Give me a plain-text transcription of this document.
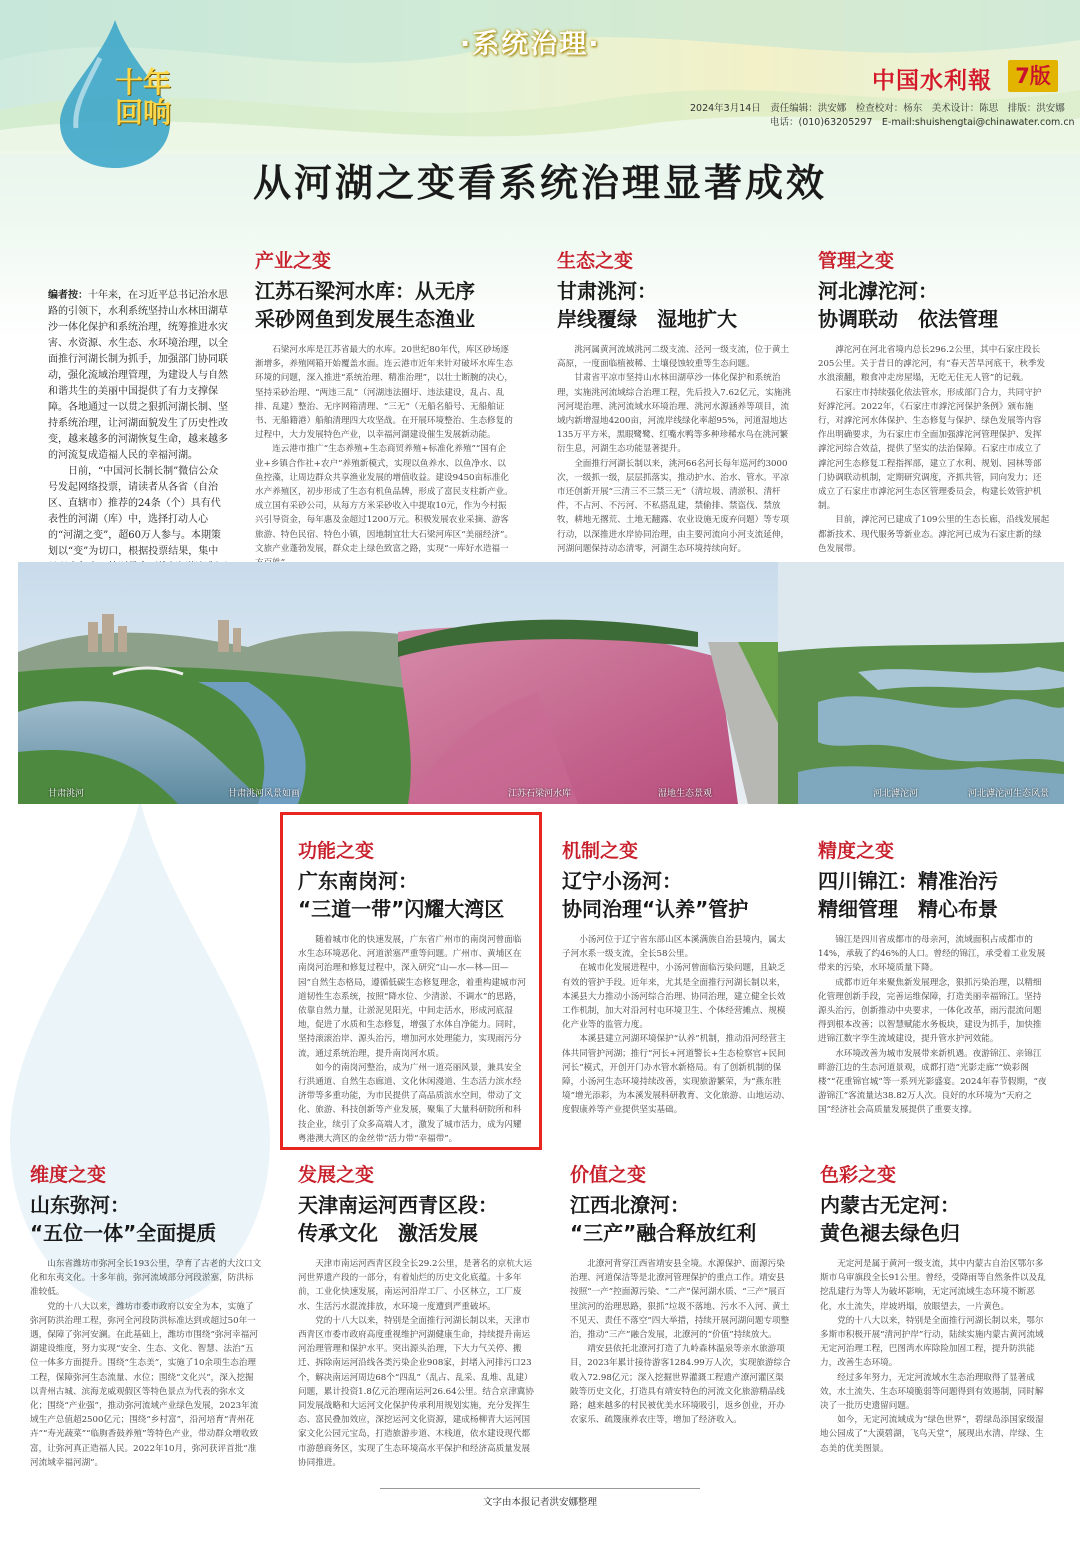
十年
回响
·系统治理·
中国水利報	7版
2024年3月14日　责任编辑：洪安娜　检查校对：杨东　美术设计：陈思　排版：洪安娜
电话：(010)63205297　E-mail:shuishengtai@chinawater.com.cn
从河湖之变看系统治理显著成效
编者按：十年来，在习近平总书记治水思路的引领下，水利系统坚持山水林田湖草沙一体化保护和系统治理，统筹推进水灾害、水资源、水生态、水环境治理，以全面推行河湖长制为抓手，加强部门协同联动，强化流域治理管理，为建设人与自然和谐共生的美丽中国提供了有力支撑保障。各地通过一以贯之狠抓河湖长制、坚持系统治理，让河湖面貌发生了历史性改变，越来越多的河湖恢复生命，越来越多的河流复成造福人民的幸福河湖。
日前，“中国河长制长制”微信公众号发起网络投票，请读者从各省（自治区、直辖市）推荐的24条（个）具有代表性的河湖（库）中，选择打动人心的“河湖之变”，超60万人参与。本期策划以“变”为切口，根据投票结果，集中
产业之变
江苏石梁河水库：从无序
采砂网鱼到发展生态渔业

石梁河水库是江苏省最大的水库。20世纪80年代，库区砂场逐渐增多，养殖网箱开始覆盖水面。连云港市近年来针对破坏水库生态环境的问题，深入推进“系统治理、精准治理”，以壮士断腕的决心，坚持采砂治理、“两违三乱”（河湖违法圈圩、违法建设，乱占、乱排、乱建）整治、无序网箱清理、“三无”（无船名船号、无船舶证书、无船籍港）船舶清理四大攻坚战。在开展环境整治、生态修复的过程中，大力发展特色产业，以幸福河湖建设催生发展新动能。

连云港市推广“生态养殖+生态商贸养殖+标准化养殖”“国有企业+乡镇合作社+农户”养殖新模式，实现以鱼养水、以鱼净水、以鱼控藻，让周边群众共享渔业发展的增值收益。建设9450亩标准化水产养殖区，初步形成了生态有机鱼品牌，形成了富民支柱新产业。成立国有采砂公司，从每方方米采砂收入中提取10元，作为今村振兴引导资金，每年惠及金超过1200万元。积极发展农业采摘、游客旅游、特色民宿、特色小镇，因地制宜壮大石梁河库区“美丽经济”。文旅产业蓬勃发展，群众走上绿色致富之路，实现“一库好水造福一

生态之变
甘肃洮河：
岸线覆绿　湿地扩大

洮河属黄河流域洮河二级支流、泾河一级支流，位于黄土高原，一度面临植被稀、土壤侵蚀较重等生态问题。

甘肃省平凉市坚持山水林田湖草沙一体化保护和系统治理，实施洮河流域综合治理工程，先后投入7.62亿元，实施洮河河堤治理、洮河流域水环境治理、洮河水源涵养等项目，流域内新增湿地4200亩，河流岸线绿化率超95%，河道湿地达135万平方米，黑眼鹭鹭、红嘴水鸭等多种珍稀水鸟在洮河繁衍生息，河湖生态功能显著提升。

全面推行河湖长制以来，洮河66名河长每年巡河约3000次，一级抓一级，层层抓落实，推动护水、治水、管水。平凉市还创新开展“三清三不三禁三无”（清垃圾、清淤积、清杆件，不占河、不污河、不私搭乱建，禁偷排、禁盗伐、禁放牧，耕地无撂荒、土地无翻露、农业设施无废弃问题）等专项行动，以深推进水岸协同治理，由主要河流向小河支流延伸，河湖问题保持动态清零，河湖生态环境持续向好。

管理之变
河北滹沱河：
协调联动　依法管理

滹沱河在河北省境内总长296.2公里，其中石家庄段长205公里。关于昔日的滹沱河，有“春天苦旱河底干，秋季发水浪滚翻，粮食冲走房屋塌，无吃无住无人管”的记载。

石家庄市持续强化依法管水，形成部门合力，共同守护好滹沱河。2022年，《石家庄市滹沱河保护条例》颁布施行，对滹沱河水体保护、生态修复与保护、绿色发展等内容作出明确要求，为石家庄市全面加强滹沱河管理保护、发挥滹沱河综合效益，提供了坚实的法治保障。石家庄市成立了滹沱河生态修复工程指挥部，建立了水利、规划、园林等部门协调联动机制，定期研究调度，齐抓共管，同向发力；还成立了石家庄市滹沱河生态区管理委员会，构建长效管护机制。

目前，滹沱河已建成了109公里的生态长廊，沿线发展起都新技术、现代服务等新业态。滹沱河已成为石家庄新的绿色发展带。

甘肃洮河	甘肃洮河风景如画	江苏石梁河水库	湿地生态景观	河北滹沱河	河北滹沱河生态风景
功能之变
广东南岗河：
“三道一带”闪耀大湾区

随着城市化的快速发展，广东省广州市的南岗河曾面临水生态环境恶化、河道淤塞严重等问题。广州市、黄埔区在南岗河治理和修复过程中，深入研究“山—水—林—田—园”自然生态格局，遵循低碳生态修复理念，着重构建城市河道韧性生态系统，按照“降水位、少清淤、不调水”的思路，依靠自然力量，让淤泥见阳光，中间走活水，形成河底湿地，促进了水质和生态修复，增强了水体自净能力。同时，坚持滚滚治岸、源头治污，增加河水处理能力，实现雨污分流，通过系统治理，提升南岗河水质。

如今的南岗河整治，成为广州一道亮丽风景，兼具安全行洪通道、自然生态廊道、文化休闲漫道、生态活力滨水经济带等多重功能，为市民提供了高品质滨水空间，带动了文化、旅游、科技创新等产业发展，聚集了大量科研院所和科技企业，续引了众多高端人才，激发了城市活力，成为闪耀粤港澳大湾区的金丝带”活力带”幸福带”。

机制之变
辽宁小汤河：
协同治理“认养”管护

小汤河位于辽宁省东部山区本溪满族自治县境内，属太子河水系一级支流，全长58公里。

在城市化发展进程中，小汤河曾面临污染问题，且缺乏有效的管护手段。近年来，尤其是全面推行河湖长制以来，本溪县大力推动小汤河综合治理、协同治理，建立健全长效工作机制，加大对沿河村屯环境卫生、个体经营摊点、规模化产业等的监管力度。

本溪县建立河湖环境保护“认养”机制，推动沿河经营主体共同管护河湖；推行“河长+河道警长+生态检察官+民间河长”模式，开创开门办水管水新格局。有了创新机制的保障，小汤河生态环境持续改善，实现旅游繁荣，为“燕东胜境”增光添彩，为本溪发展科研教育、文化旅游、山地运动、度假康养等产业提供坚实基础。

精度之变
四川锦江：精准治污
精细管理　精心布景

锦江是四川省成都市的母亲河，流域面积占成都市的14%，承载了约46%的人口。曾经的锦江，承受着工业发展带来的污染，水环境质量下降。

成都市近年来聚焦新发展理念，狠抓污染治理，以精细化管理创新手段，完善运维保障，打造美丽幸福锦江。坚持源头治污，创新推动中央要求，一体化改革，雨污混流问题得到根本改善；以智慧赋能水务板块，建设为抓手，加快推进锦江数字孪生流域建设，提升管水护河效能。

水环境改善为城市发展带来新机遇。夜游锦江、亲锦江畔游江边的生态河道景观，成都打造“光影走廊”“焕彩阁楼”“花重锦官城”等一系列光影盛宴。2024年春节假期，“夜游锦江”客流量达38.82万人次。良好的水环境为“天府之国”经济社会高质量发展提供了重要支撑。

维度之变
山东弥河：
“五位一体”全面提质

山东省潍坊市弥河全长193公里，孕育了古老的大汶口文化和东夷文化。十多年前，弥河流域部分河段淤塞，防洪标准较低。

党的十八大以来，潍坊市委市政府以安全为本，实施了弥河防洪治理工程，弥河全河段防洪标准达到或超过50年一遇，保障了弥河安澜。在此基础上，潍坊市围绕“弥河幸福河湖建设维度，努力实现“安全、生态、文化、智慧、法治”五位一体多方面提升。围绕“生态美”，实施了10余项生态治理工程，保障弥河生态流量、水位；围绕“文化兴”，深入挖掘以青州古城、滨海龙威观假区等特色景点为代表的弥水文化；围绕“产业强”，推动弥河流域产业绿色发展，2023年流域生产总值超2500亿元；围绕“乡村富”，沿河培育“青州花卉”“寿光蔬菜”“临朐香鼓养殖”等特色产业，带动群众增收致富，让弥河真正造福人民。2022年10月，弥河获评首批“准河流域幸福河湖”。

发展之变
天津南运河西青区段：
传承文化　激活发展

天津市南运河西青区段全长29.2公里，是著名的京杭大运河世界遗产段的一部分，有着灿烂的历史文化底蕴。十多年前，工业化快速发展，南运河沿岸工厂、小区林立，工厂废水、生活污水混流排放，水环境一度遭到严重破坏。

党的十八大以来，特别是全面推行河湖长制以来，天津市西青区市委市政府高度重视维护河湖健康生命，持续提升南运河治理管理和保护水平。突出源头治理，下大力气关停、搬迁、拆除南运河沿线各类污染企业908家，封堵入河排污口23个，解决南运河周边68个“四乱”（乱占、乱采、乱堆、乱建）问题，累计投资1.8亿元治理南运河26.64公里。结合京津冀协同发展战略和大运河文化保护传承利用规划实施，充分发挥生态、富民叠加效应，深挖运河文化资源，建成杨柳青大运河国家文化公园元宝岛，打造旅游步道、木栈道，依水建设现代都市游憩商务区，实现了生态环境高水平保护和经济高质量发展协同推进。

价值之变
江西北潦河：
“三产”融合释放红利

北潦河背穿江西省靖安县全境。水源保护、面源污染治理、河道保洁等是北潦河管理保护的重点工作。靖安县按照“一产”控面源污染、“二产”保河湖水质、“三产”展百里滨河的治理思路，狠抓“垃圾不落地、污水不入河、黄土不见天、责任不落空”四大举措，持续开展河湖问题专项整治，推动“三产”融合发展，北潦河的“价值”持续放大。

靖安县依托北潦河打造了九岭森林温泉等亲水旅游项目，2023年累计接待游客1284.99万人次，实现旅游综合收入72.98亿元；深入挖掘世界灌溉工程遗产潦河灌区渠陂等历史文化，打造具有靖安特色的河流文化旅游精品线路；越来越多的村民被优美水环境吸引，返乡创业，开办农家乐、疏篾康养农庄等，增加了经济收入。

色彩之变
内蒙古无定河：
黄色褪去绿色归

无定河是属于黄河一级支流，其中内蒙古自治区鄂尔多斯市乌审旗段全长91公里。曾经，受降雨等自然条件以及乱挖乱建行为等人为破坏影响，无定河流域生态环境不断恶化，水土流失，岸坡坍塌，放眼望去，一片黄色。

党的十八大以来，特别是全面推行河湖长制以来，鄂尔多斯市积极开展“清河护岸”行动，陆续实施内蒙古黄河流域无定河治理工程，巴图湾水库除险加固工程，提升防洪能力，改善生态环境。

经过多年努力，无定河流域水生态治理取得了显著成效，水土流失、生态环境脆弱等问题得到有效遏制，同时解决了一批历史遗留问题。

如今，无定河流域成为“绿色世界”，碧绿岛添国家级湿地公园成了“大漠碧湖，飞鸟天堂”，展现出水清、岸绿、生态美的优美图景。

文字由本报记者洪安娜整理
